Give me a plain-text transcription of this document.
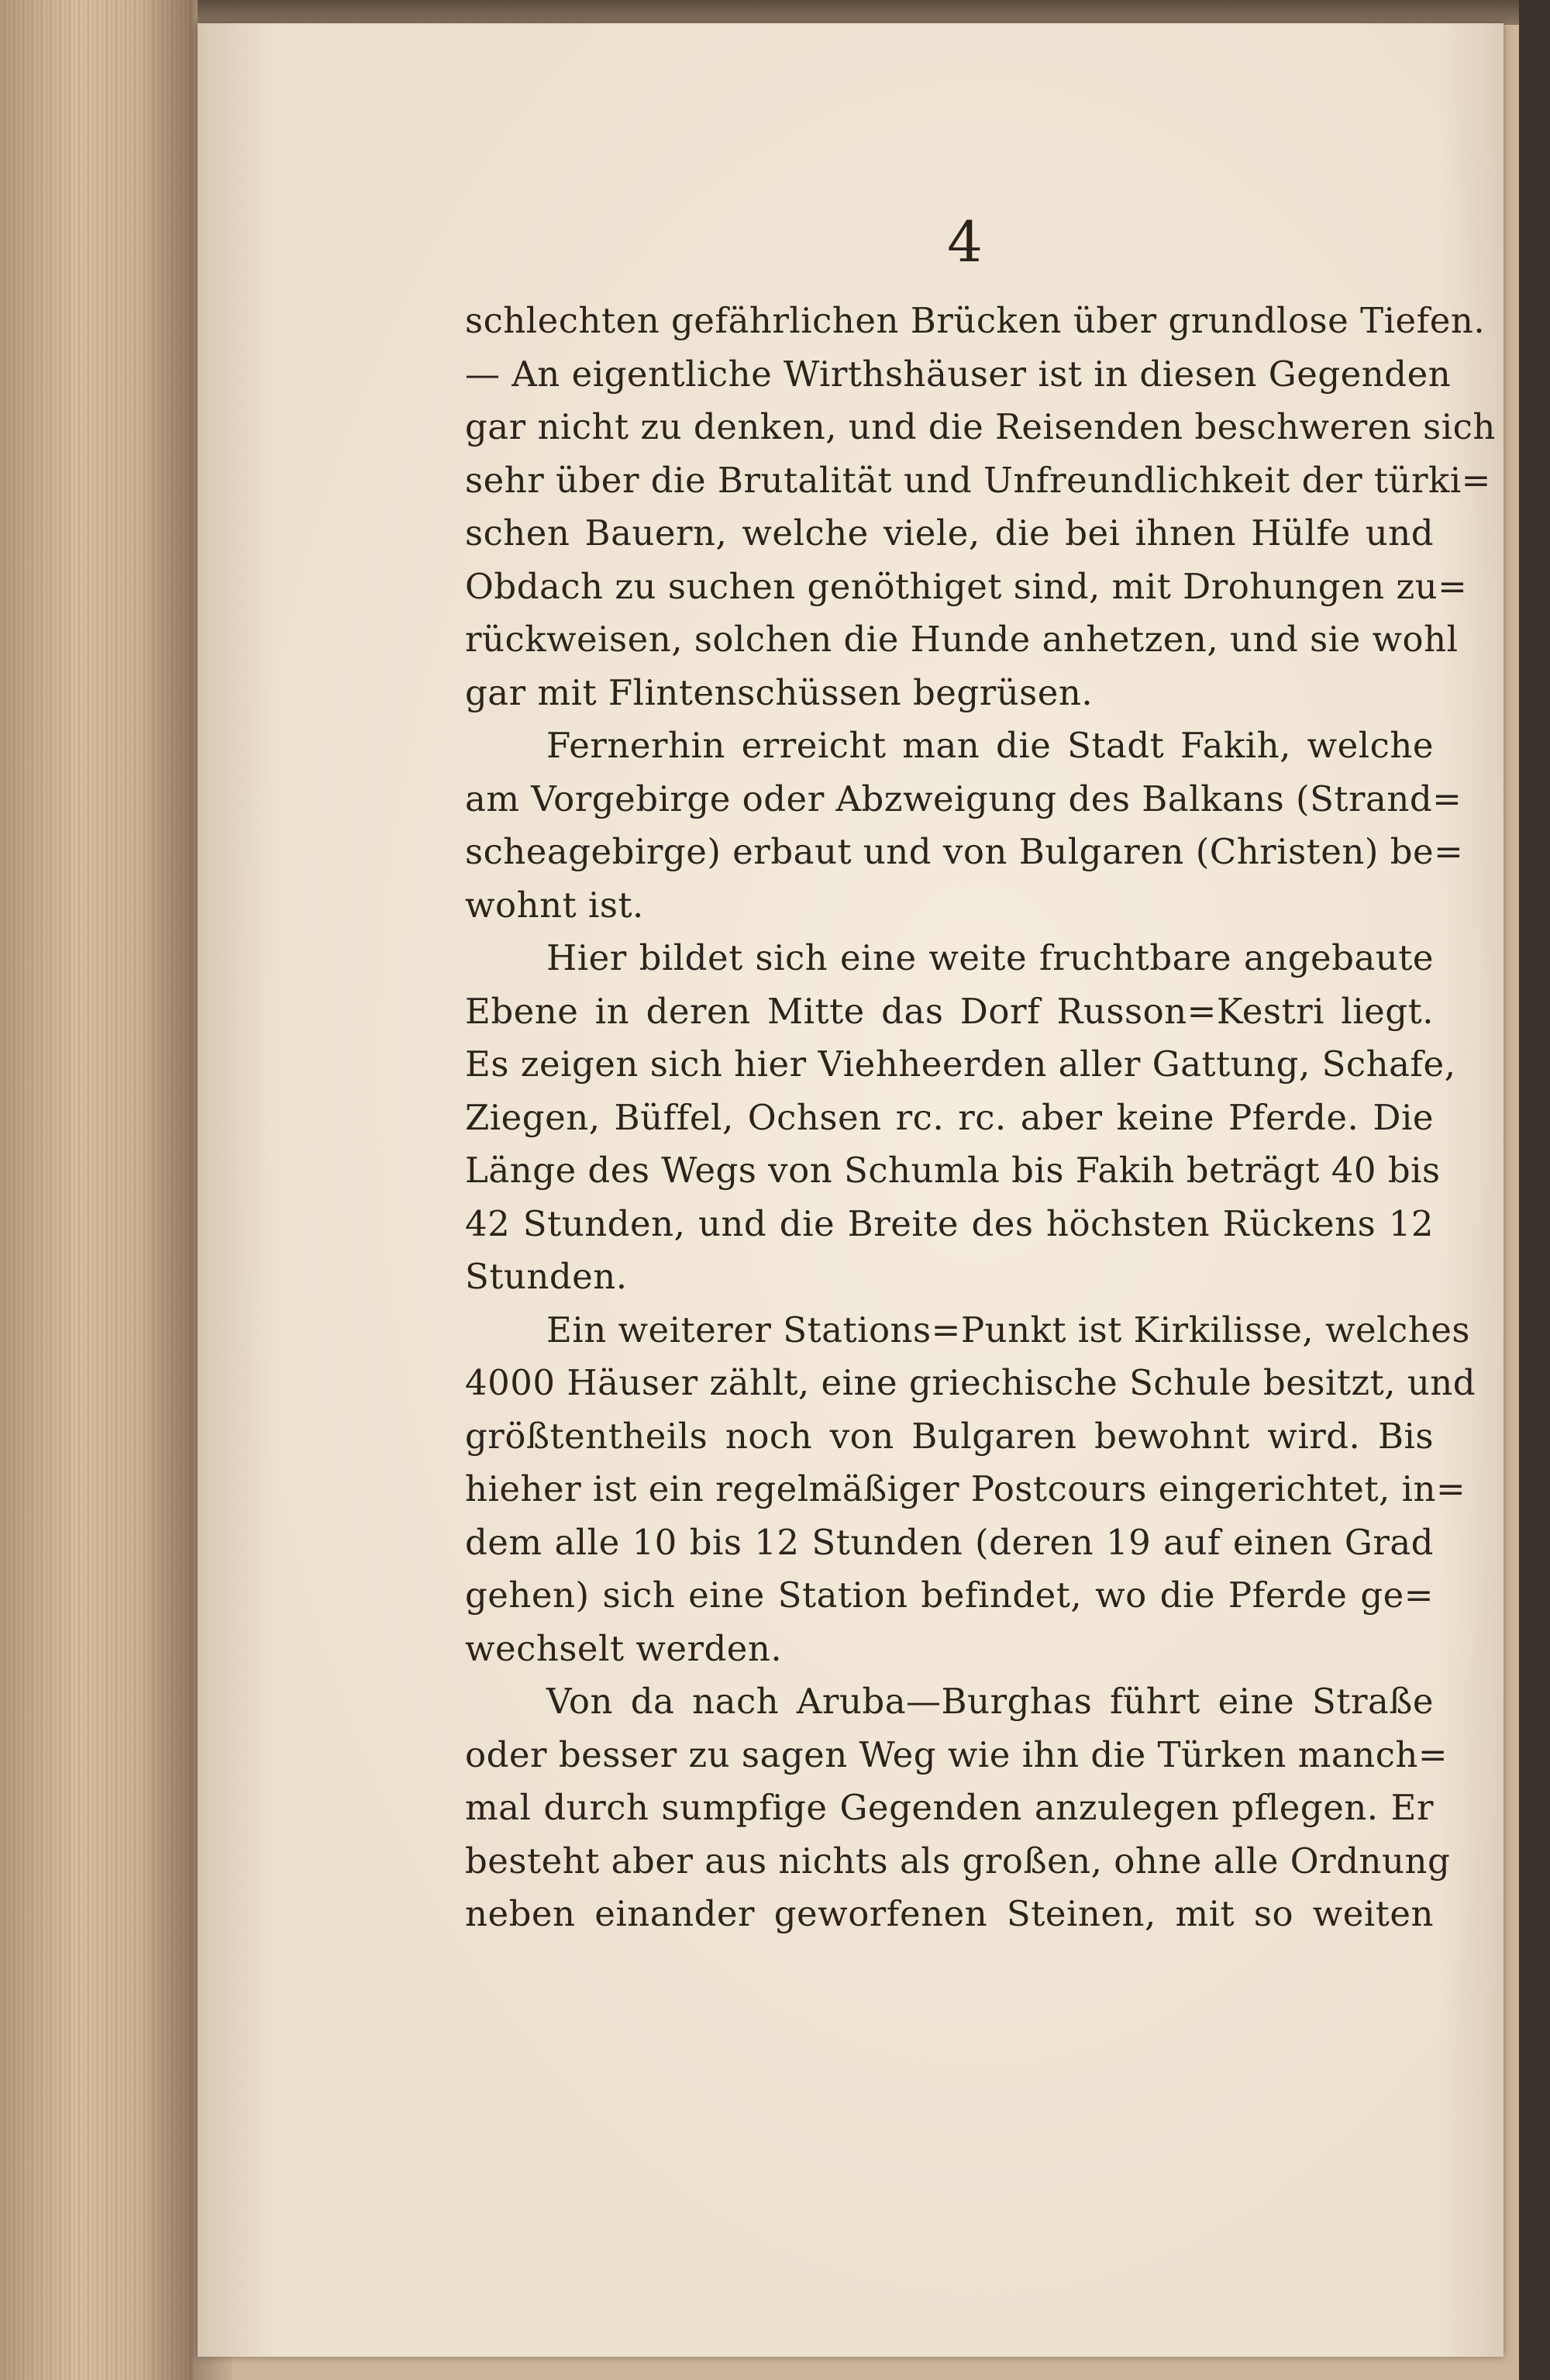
4
schlechten gefährlichen Brücken über grundlose Tiefen.
— An eigentliche Wirthshäuser ist in diesen Gegenden
gar nicht zu denken, und die Reisenden beschweren sich
sehr über die Brutalität und Unfreundlichkeit der türki=
schen Bauern, welche viele, die bei ihnen Hülfe und
Obdach zu suchen genöthiget sind, mit Drohungen zu=
rückweisen, solchen die Hunde anhetzen, und sie wohl
gar mit Flintenschüssen begrüsen.
Fernerhin erreicht man die Stadt Fakih, welche
am Vorgebirge oder Abzweigung des Balkans (Strand=
scheagebirge) erbaut und von Bulgaren (Christen) be=
wohnt ist.
Hier bildet sich eine weite fruchtbare angebaute
Ebene in deren Mitte das Dorf Russon=Kestri liegt.
Es zeigen sich hier Viehheerden aller Gattung, Schafe,
Ziegen, Büffel, Ochsen rc. rc. aber keine Pferde. Die
Länge des Wegs von Schumla bis Fakih beträgt 40 bis
42 Stunden, und die Breite des höchsten Rückens 12
Stunden.
Ein weiterer Stations=Punkt ist Kirkilisse, welches
4000 Häuser zählt, eine griechische Schule besitzt, und
größtentheils noch von Bulgaren bewohnt wird. Bis
hieher ist ein regelmäßiger Postcours eingerichtet, in=
dem alle 10 bis 12 Stunden (deren 19 auf einen Grad
gehen) sich eine Station befindet, wo die Pferde ge=
wechselt werden.
Von da nach Aruba—Burghas führt eine Straße
oder besser zu sagen Weg wie ihn die Türken manch=
mal durch sumpfige Gegenden anzulegen pflegen. Er
besteht aber aus nichts als großen, ohne alle Ordnung
neben einander geworfenen Steinen, mit so weiten
